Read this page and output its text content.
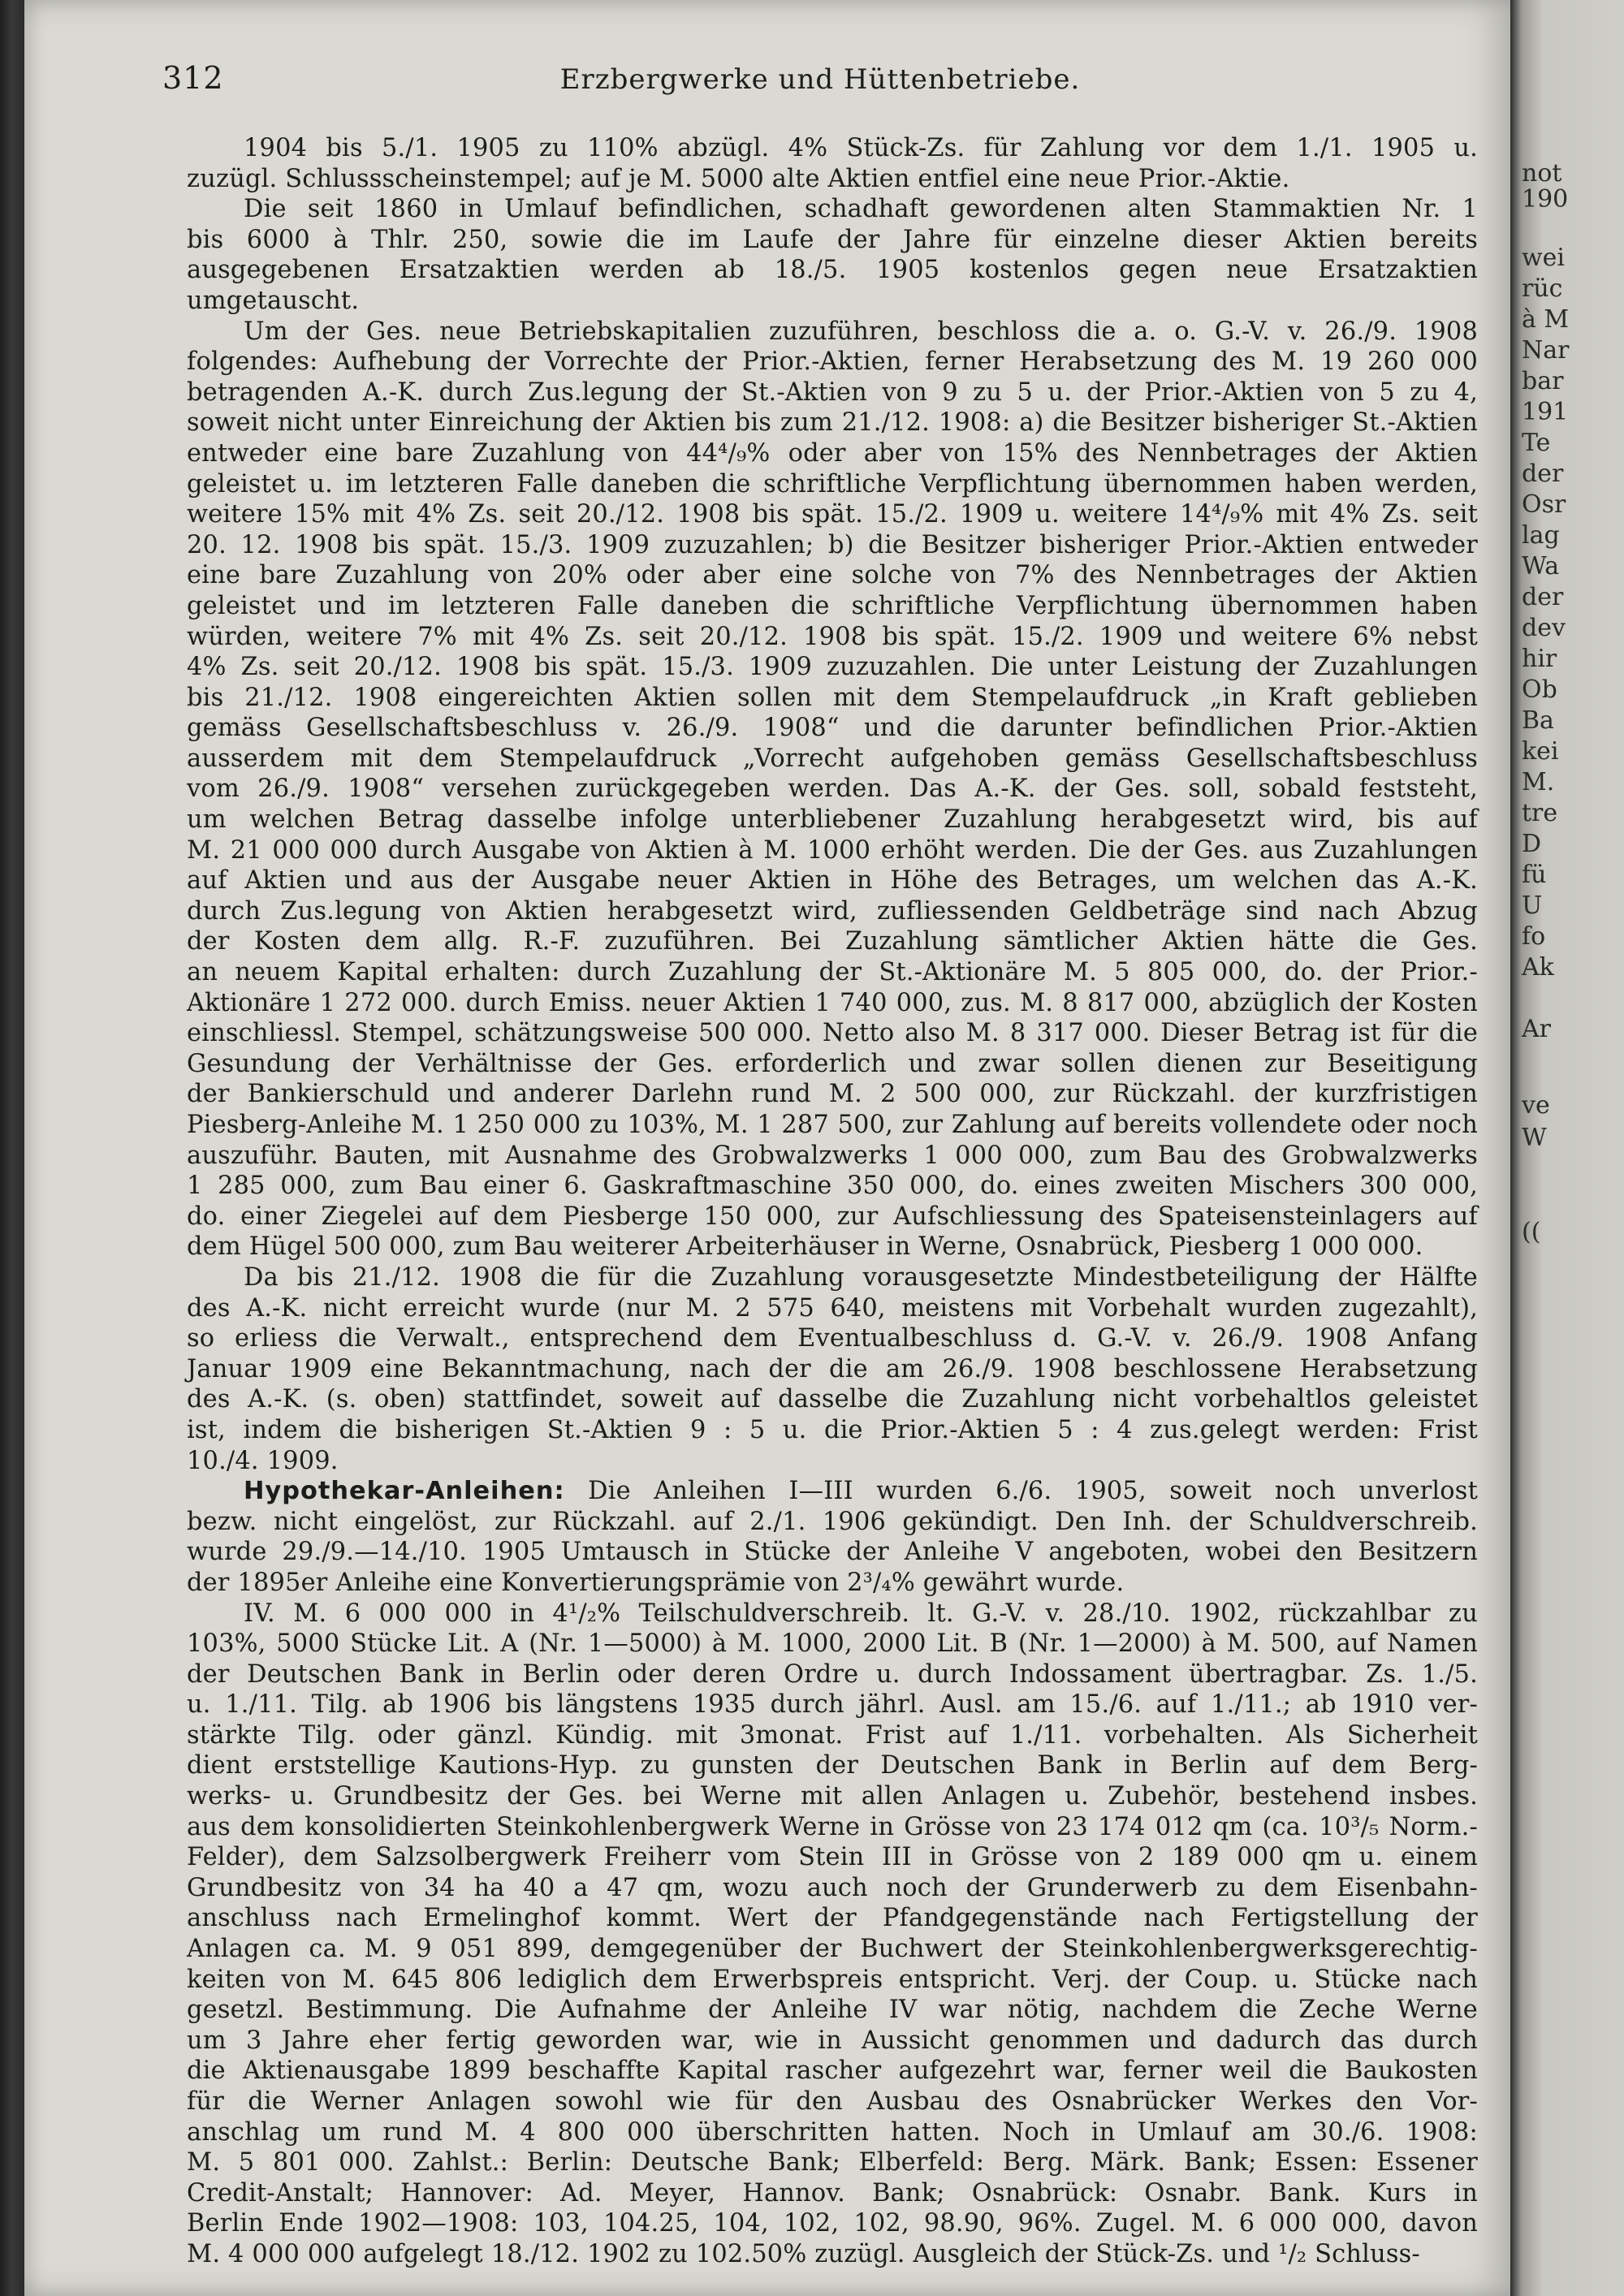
312	Erzbergwerke und Hüttenbetriebe.
1904 bis 5./1. 1905 zu 110% abzügl. 4% Stück-Zs. für Zahlung vor dem 1./1. 1905 u.
zuzügl. Schlussscheinstempel; auf je M. 5000 alte Aktien entfiel eine neue Prior.-Aktie.
Die seit 1860 in Umlauf befindlichen, schadhaft gewordenen alten Stammaktien Nr. 1
bis 6000 à Thlr. 250, sowie die im Laufe der Jahre für einzelne dieser Aktien bereits
ausgegebenen Ersatzaktien werden ab 18./5. 1905 kostenlos gegen neue Ersatzaktien
umgetauscht.
Um der Ges. neue Betriebskapitalien zuzuführen, beschloss die a. o. G.-V. v. 26./9. 1908
folgendes: Aufhebung der Vorrechte der Prior.-Aktien, ferner Herabsetzung des M. 19 260 000
betragenden A.-K. durch Zus.legung der St.-Aktien von 9 zu 5 u. der Prior.-Aktien von 5 zu 4,
soweit nicht unter Einreichung der Aktien bis zum 21./12. 1908: a) die Besitzer bisheriger St.-Aktien
entweder eine bare Zuzahlung von 44⁴/₉% oder aber von 15% des Nennbetrages der Aktien
geleistet u. im letzteren Falle daneben die schriftliche Verpflichtung übernommen haben werden,
weitere 15% mit 4% Zs. seit 20./12. 1908 bis spät. 15./2. 1909 u. weitere 14⁴/₉% mit 4% Zs. seit
20. 12. 1908 bis spät. 15./3. 1909 zuzuzahlen; b) die Besitzer bisheriger Prior.-Aktien entweder
eine bare Zuzahlung von 20% oder aber eine solche von 7% des Nennbetrages der Aktien
geleistet und im letzteren Falle daneben die schriftliche Verpflichtung übernommen haben
würden, weitere 7% mit 4% Zs. seit 20./12. 1908 bis spät. 15./2. 1909 und weitere 6% nebst
4% Zs. seit 20./12. 1908 bis spät. 15./3. 1909 zuzuzahlen. Die unter Leistung der Zuzahlungen
bis 21./12. 1908 eingereichten Aktien sollen mit dem Stempelaufdruck „in Kraft geblieben
gemäss Gesellschaftsbeschluss v. 26./9. 1908“ und die darunter befindlichen Prior.-Aktien
ausserdem mit dem Stempelaufdruck „Vorrecht aufgehoben gemäss Gesellschaftsbeschluss
vom 26./9. 1908“ versehen zurückgegeben werden. Das A.-K. der Ges. soll, sobald feststeht,
um welchen Betrag dasselbe infolge unterbliebener Zuzahlung herabgesetzt wird, bis auf
M. 21 000 000 durch Ausgabe von Aktien à M. 1000 erhöht werden. Die der Ges. aus Zuzahlungen
auf Aktien und aus der Ausgabe neuer Aktien in Höhe des Betrages, um welchen das A.-K.
durch Zus.legung von Aktien herabgesetzt wird, zufliessenden Geldbeträge sind nach Abzug
der Kosten dem allg. R.-F. zuzuführen. Bei Zuzahlung sämtlicher Aktien hätte die Ges.
an neuem Kapital erhalten: durch Zuzahlung der St.-Aktionäre M. 5 805 000, do. der Prior.-
Aktionäre 1 272 000. durch Emiss. neuer Aktien 1 740 000, zus. M. 8 817 000, abzüglich der Kosten
einschliessl. Stempel, schätzungsweise 500 000. Netto also M. 8 317 000. Dieser Betrag ist für die
Gesundung der Verhältnisse der Ges. erforderlich und zwar sollen dienen zur Beseitigung
der Bankierschuld und anderer Darlehn rund M. 2 500 000, zur Rückzahl. der kurzfristigen
Piesberg-Anleihe M. 1 250 000 zu 103%, M. 1 287 500, zur Zahlung auf bereits vollendete oder noch
auszuführ. Bauten, mit Ausnahme des Grobwalzwerks 1 000 000, zum Bau des Grobwalzwerks
1 285 000, zum Bau einer 6. Gaskraftmaschine 350 000, do. eines zweiten Mischers 300 000,
do. einer Ziegelei auf dem Piesberge 150 000, zur Aufschliessung des Spateisensteinlagers auf
dem Hügel 500 000, zum Bau weiterer Arbeiterhäuser in Werne, Osnabrück, Piesberg 1 000 000.
Da bis 21./12. 1908 die für die Zuzahlung vorausgesetzte Mindestbeteiligung der Hälfte
des A.-K. nicht erreicht wurde (nur M. 2 575 640, meistens mit Vorbehalt wurden zugezahlt),
so erliess die Verwalt., entsprechend dem Eventualbeschluss d. G.-V. v. 26./9. 1908 Anfang
Januar 1909 eine Bekanntmachung, nach der die am 26./9. 1908 beschlossene Herabsetzung
des A.-K. (s. oben) stattfindet, soweit auf dasselbe die Zuzahlung nicht vorbehaltlos geleistet
ist, indem die bisherigen St.-Aktien 9 : 5 u. die Prior.-Aktien 5 : 4 zus.gelegt werden: Frist
10./4. 1909.
Hypothekar-Anleihen: Die Anleihen I—III wurden 6./6. 1905, soweit noch unverlost
bezw. nicht eingelöst, zur Rückzahl. auf 2./1. 1906 gekündigt. Den Inh. der Schuldverschreib.
wurde 29./9.—14./10. 1905 Umtausch in Stücke der Anleihe V angeboten, wobei den Besitzern
der 1895er Anleihe eine Konvertierungsprämie von 2³/₄% gewährt wurde.
IV. M. 6 000 000 in 4¹/₂% Teilschuldverschreib. lt. G.-V. v. 28./10. 1902, rückzahlbar zu
103%, 5000 Stücke Lit. A (Nr. 1—5000) à M. 1000, 2000 Lit. B (Nr. 1—2000) à M. 500, auf Namen
der Deutschen Bank in Berlin oder deren Ordre u. durch Indossament übertragbar. Zs. 1./5.
u. 1./11. Tilg. ab 1906 bis längstens 1935 durch jährl. Ausl. am 15./6. auf 1./11.; ab 1910 ver-
stärkte Tilg. oder gänzl. Kündig. mit 3monat. Frist auf 1./11. vorbehalten. Als Sicherheit
dient erststellige Kautions-Hyp. zu gunsten der Deutschen Bank in Berlin auf dem Berg-
werks- u. Grundbesitz der Ges. bei Werne mit allen Anlagen u. Zubehör, bestehend insbes.
aus dem konsolidierten Steinkohlenbergwerk Werne in Grösse von 23 174 012 qm (ca. 10³/₅ Norm.-
Felder), dem Salzsolbergwerk Freiherr vom Stein III in Grösse von 2 189 000 qm u. einem
Grundbesitz von 34 ha 40 a 47 qm, wozu auch noch der Grunderwerb zu dem Eisenbahn-
anschluss nach Ermelinghof kommt. Wert der Pfandgegenstände nach Fertigstellung der
Anlagen ca. M. 9 051 899, demgegenüber der Buchwert der Steinkohlenbergwerksgerechtig-
keiten von M. 645 806 lediglich dem Erwerbspreis entspricht. Verj. der Coup. u. Stücke nach
gesetzl. Bestimmung. Die Aufnahme der Anleihe IV war nötig, nachdem die Zeche Werne
um 3 Jahre eher fertig geworden war, wie in Aussicht genommen und dadurch das durch
die Aktienausgabe 1899 beschaffte Kapital rascher aufgezehrt war, ferner weil die Baukosten
für die Werner Anlagen sowohl wie für den Ausbau des Osnabrücker Werkes den Vor-
anschlag um rund M. 4 800 000 überschritten hatten. Noch in Umlauf am 30./6. 1908:
M. 5 801 000. Zahlst.: Berlin: Deutsche Bank; Elberfeld: Berg. Märk. Bank; Essen: Essener
Credit-Anstalt; Hannover: Ad. Meyer, Hannov. Bank; Osnabrück: Osnabr. Bank. Kurs in
Berlin Ende 1902—1908: 103, 104.25, 104, 102, 102, 98.90, 96%. Zugel. M. 6 000 000, davon
M. 4 000 000 aufgelegt 18./12. 1902 zu 102.50% zuzügl. Ausgleich der Stück-Zs. und ¹/₂ Schluss-
not
190
wei
rüc
à M
Nar
bar
191
Te
der
Osr
lag
Wa
der
dev
hir
Ob
Ba
kei
M.
tre
D
fü
U
fo
Ak
Ar
ve
W
((
